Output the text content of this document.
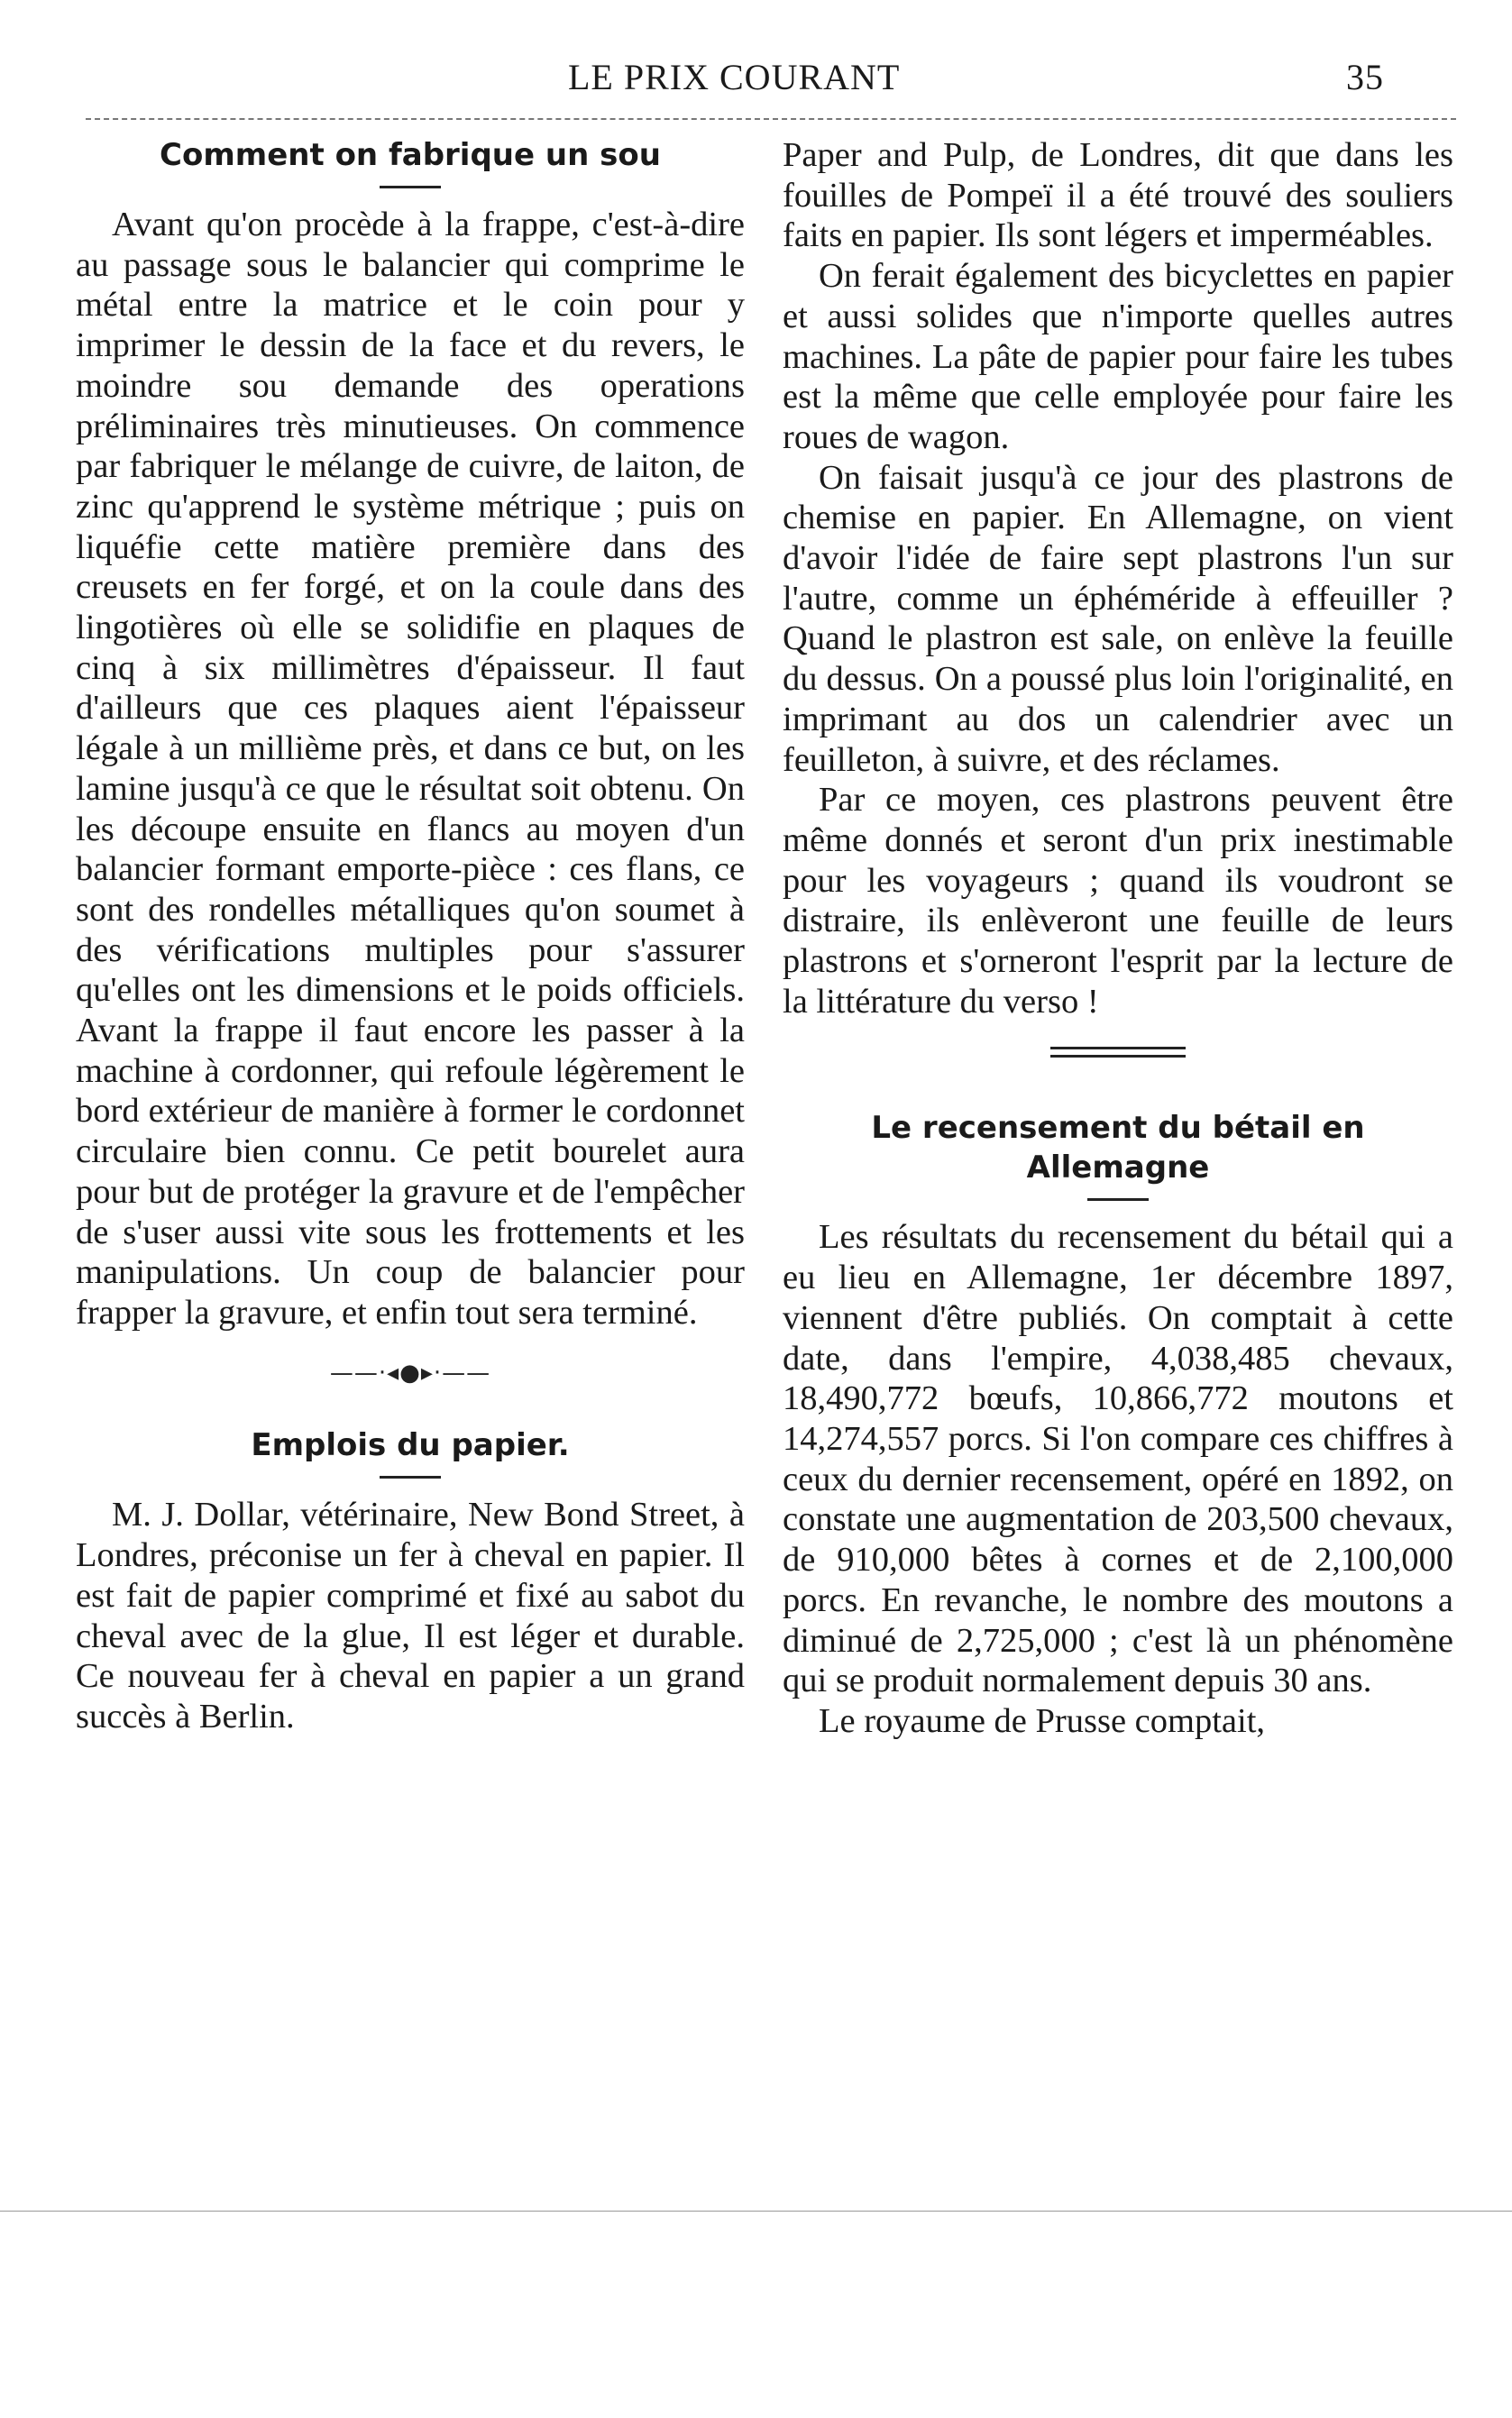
LE PRIX COURANT	35
Comment on fabrique un sou

Avant qu'on procède à la frappe, c'est-à-dire au passage sous le balancier qui comprime le métal entre la matrice et le coin pour y imprimer le dessin de la face et du revers, le moindre sou demande des operations préliminaires très minutieuses. On commence par fabriquer le mélange de cuivre, de laiton, de zinc qu'apprend le système métrique ; puis on liquéfie cette matière première dans des creusets en fer forgé, et on la coule dans des lingotières où elle se solidifie en plaques de cinq à six millimètres d'épaisseur. Il faut d'ailleurs que ces plaques aient l'épaisseur légale à un millième près, et dans ce but, on les lamine jusqu'à ce que le résultat soit obtenu. On les découpe ensuite en flancs au moyen d'un balancier formant emporte-pièce : ces flans, ce sont des rondelles métalliques qu'on soumet à des vérifications multiples pour s'assurer qu'elles ont les dimensions et le poids officiels. Avant la frappe il faut encore les passer à la machine à cordonner, qui refoule légèrement le bord extérieur de manière à former le cordonnet circulaire bien connu. Ce petit bourelet aura pour but de protéger la gravure et de l'empêcher de s'user aussi vite sous les frottements et les manipulations. Un coup de balancier pour frapper la gravure, et enfin tout sera terminé.

——·◂●▸·——
Emplois du papier.

M. J. Dollar, vétérinaire, New Bond Street, à Londres, préconise un fer à cheval en papier. Il est fait de papier comprimé et fixé au sabot du cheval avec de la glue, Il est léger et durable. Ce nouveau fer à cheval en papier a un grand succès à Berlin.

Paper and Pulp, de Londres, dit que dans les fouilles de Pompeï il a été trouvé des souliers faits en papier. Ils sont légers et imperméables.

On ferait également des bicyclettes en papier et aussi solides que n'importe quelles autres machines. La pâte de papier pour faire les tubes est la même que celle employée pour faire les roues de wagon.

On faisait jusqu'à ce jour des plastrons de chemise en papier. En Allemagne, on vient d'avoir l'idée de faire sept plastrons l'un sur l'autre, comme un éphéméride à effeuiller ? Quand le plastron est sale, on enlève la feuille du dessus. On a poussé plus loin l'originalité, en imprimant au dos un calendrier avec un feuilleton, à suivre, et des réclames.

Par ce moyen, ces plastrons peuvent être même donnés et seront d'un prix inestimable pour les voyageurs ; quand ils voudront se distraire, ils enlèveront une feuille de leurs plastrons et s'orneront l'esprit par la lecture de la littérature du verso !

Le recensement du bétail en
Allemagne

Les résultats du recensement du bétail qui a eu lieu en Allemagne, 1er décembre 1897, viennent d'être publiés. On comptait à cette date, dans l'empire, 4,038,485 chevaux, 18,490,772 bœufs, 10,866,772 moutons et 14,274,557 porcs. Si l'on compare ces chiffres à ceux du dernier recensement, opéré en 1892, on constate une augmentation de 203,500 chevaux, de 910,000 bêtes à cornes et de 2,100,000 porcs. En revanche, le nombre des moutons a diminué de 2,725,000 ; c'est là un phénomène qui se produit normalement depuis 30 ans.

Le royaume de Prusse comptait,
